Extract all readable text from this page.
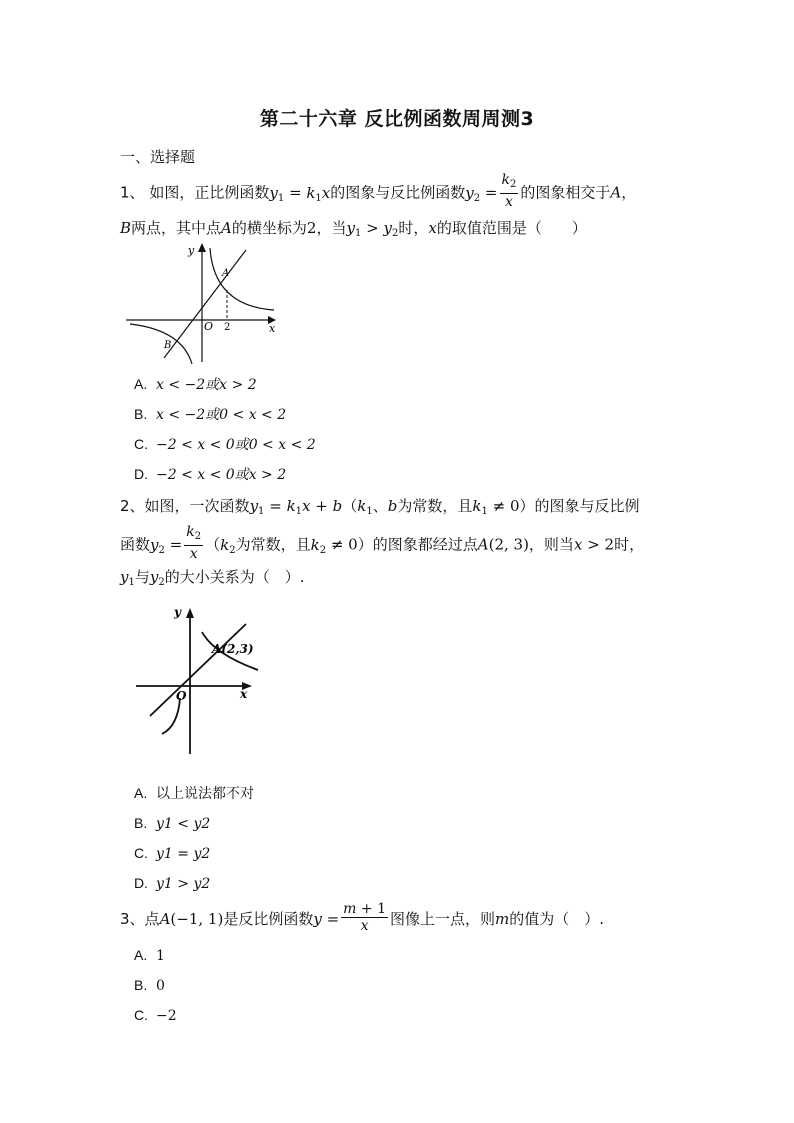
第二十六章 反比例函数周周测3
一、选择题
1、 如图，正比例函数$y_1 = k_1x$的图象与反比例函数$y_2 = \frac{k_2}{x}$ 的图象相交于A，
B两点，其中点A的横坐标为2，当$y_1 > y_2$时，x的取值范围是（　　）
y
x
O
A
B
2
A. x < −2或x > 2
B. x < −2或0 < x < 2
C. −2 < x < 0或0 < x < 2
D. −2 < x < 0或x > 2
2、如图，一次函数$y_1 = k_1x + b(k_1$、b为常数，且$k_1 \ne 0$）的图象与反比例
函数$y_2 = \frac{k_2}{x} (k_2$为常数，且$k_2 \ne 0$）的图象都经过点A(2, 3)，则当x > 2时，
$y_1$与$y_2$的大小关系为（　）.
y
x
O
A(2,3)
A. 以上说法都不对
B. y1 < y2
C. y1 = y2
D. y1 > y2
3、点A(−1, 1)是反比例函数$y = \frac{m + 1}{x}$ 图像上一点，则m的值为（　）.
A. 1
B. 0
C. −2
